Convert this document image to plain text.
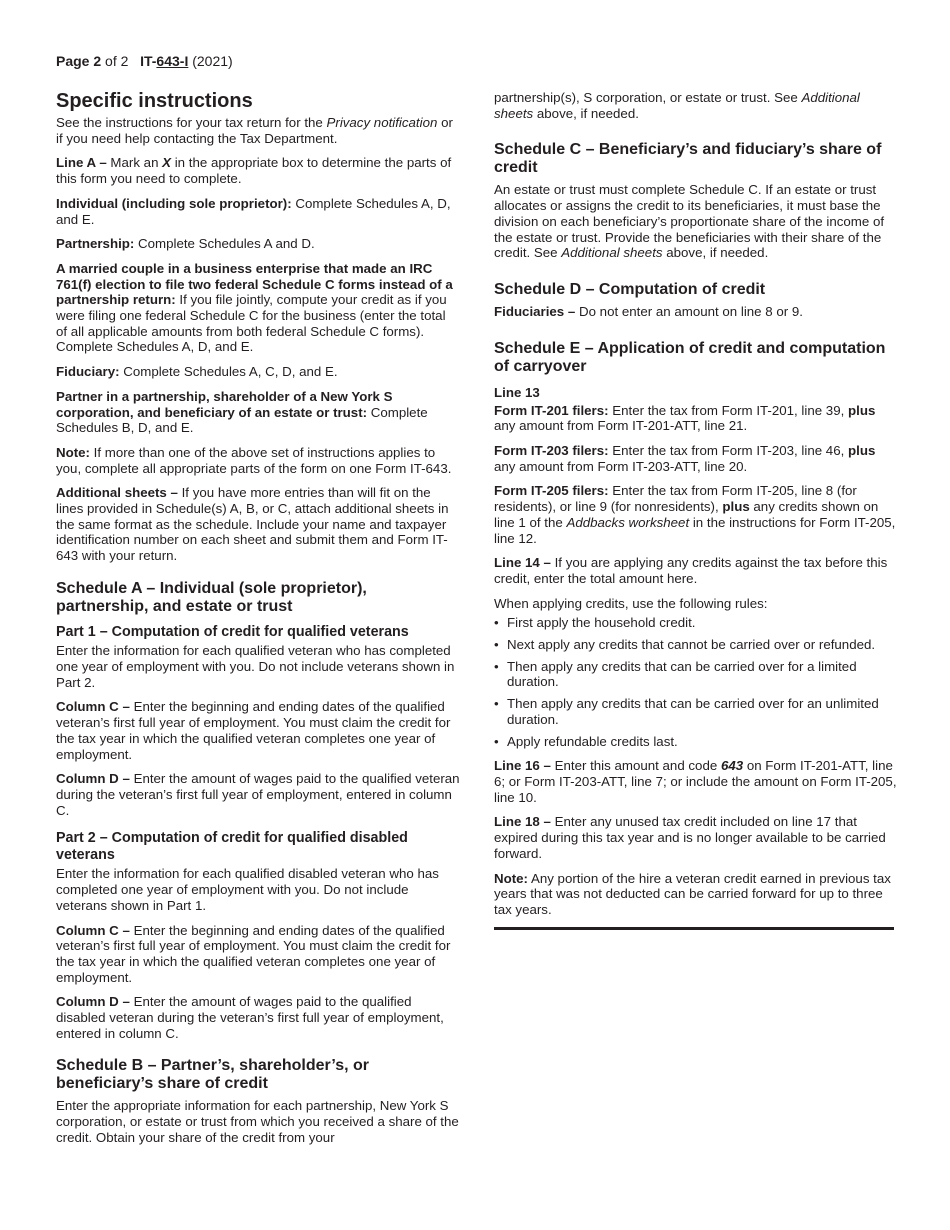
Page 2 of 2 IT-643-I (2021)
Specific instructions

See the instructions for your tax return for the Privacy notification or if you need help contacting the Tax Department.

Line A – Mark an X in the appropriate box to determine the parts of this form you need to complete.

Individual (including sole proprietor): Complete Schedules A, D, and E.

Partnership: Complete Schedules A and D.

A married couple in a business enterprise that made an IRC 761(f) election to file two federal Schedule C forms instead of a partnership return: If you file jointly, compute your credit as if you were filing one federal Schedule C for the business (enter the total of all applicable amounts from both federal Schedule C forms). Complete Schedules A, D, and E.

Fiduciary: Complete Schedules A, C, D, and E.

Partner in a partnership, shareholder of a New York S corporation, and beneficiary of an estate or trust: Complete Schedules B, D, and E.

Note: If more than one of the above set of instructions applies to you, complete all appropriate parts of the form on one Form IT-643.

Additional sheets – If you have more entries than will fit on the lines provided in Schedule(s) A, B, or C, attach additional sheets in the same format as the schedule. Include your name and taxpayer identification number on each sheet and submit them and Form IT-643 with your return.

Schedule A – Individual (sole proprietor), partnership, and estate or trust
Part 1 – Computation of credit for qualified veterans

Enter the information for each qualified veteran who has completed one year of employment with you. Do not include veterans shown in Part 2.

Column C – Enter the beginning and ending dates of the qualified veteran’s first full year of employment. You must claim the credit for the tax year in which the qualified veteran completes one year of employment.

Column D – Enter the amount of wages paid to the qualified veteran during the veteran’s first full year of employment, entered in column C.

Part 2 – Computation of credit for qualified disabled veterans

Enter the information for each qualified disabled veteran who has completed one year of employment with you. Do not include veterans shown in Part 1.

Column C – Enter the beginning and ending dates of the qualified veteran’s first full year of employment. You must claim the credit for the tax year in which the qualified veteran completes one year of employment.

Column D – Enter the amount of wages paid to the qualified disabled veteran during the veteran’s first full year of employment, entered in column C.

Schedule B – Partner’s, shareholder’s, or beneficiary’s share of credit

Enter the appropriate information for each partnership, New York S corporation, or estate or trust from which you received a share of the credit. Obtain your share of the credit from your

partnership(s), S corporation, or estate or trust. See Additional sheets above, if needed.

Schedule C – Beneficiary’s and fiduciary’s share of credit

An estate or trust must complete Schedule C. If an estate or trust allocates or assigns the credit to its beneficiaries, it must base the division on each beneficiary’s proportionate share of the income of the estate or trust. Provide the beneficiaries with their share of the credit. See Additional sheets above, if needed.

Schedule D – Computation of credit

Fiduciaries – Do not enter an amount on line 8 or 9.

Schedule E – Application of credit and computation of carryover
Line 13

Form IT-201 filers: Enter the tax from Form IT-201, line 39, plus any amount from Form IT-201-ATT, line 21.

Form IT-203 filers: Enter the tax from Form IT-203, line 46, plus any amount from Form IT-203-ATT, line 20.

Form IT-205 filers: Enter the tax from Form IT-205, line 8 (for residents), or line 9 (for nonresidents), plus any credits shown on line 1 of the Addbacks worksheet in the instructions for Form IT-205, line 12.

Line 14 – If you are applying any credits against the tax before this credit, enter the total amount here.

When applying credits, use the following rules:

• First apply the household credit.
• Next apply any credits that cannot be carried over or refunded.
• Then apply any credits that can be carried over for a limited duration.
• Then apply any credits that can be carried over for an unlimited duration.
• Apply refundable credits last.

Line 16 – Enter this amount and code 643 on Form IT-201-ATT, line 6; or Form IT-203-ATT, line 7; or include the amount on Form IT-205, line 10.

Line 18 – Enter any unused tax credit included on line 17 that expired during this tax year and is no longer available to be carried forward.

Note: Any portion of the hire a veteran credit earned in previous tax years that was not deducted can be carried forward for up to three tax years.
